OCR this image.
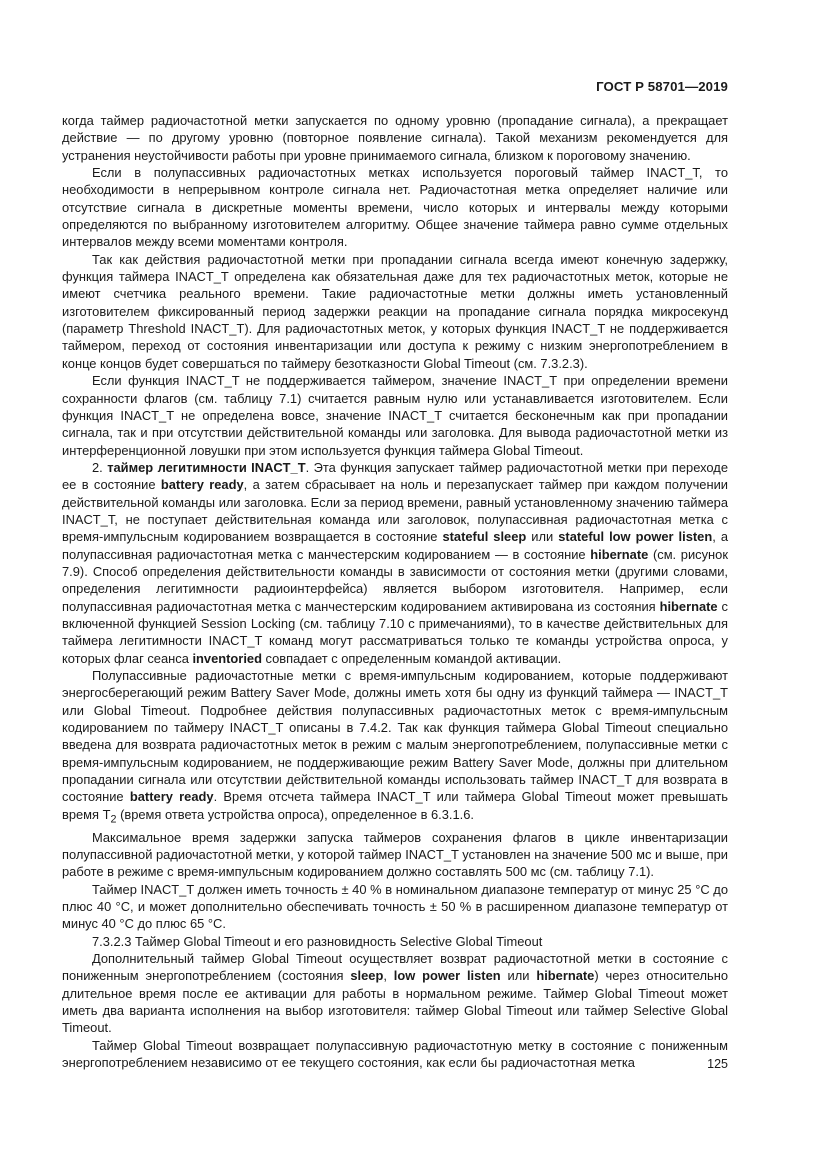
ГОСТ Р 58701—2019

когда таймер радиочастотной метки запускается по одному уровню (пропадание сигнала), а прекращает действие — по другому уровню (повторное появление сигнала). Такой механизм рекомендуется для устранения неустойчивости работы при уровне принимаемого сигнала, близком к пороговому значению.

Если в полупассивных радиочастотных метках используется пороговый таймер INACT_T, то необходимости в непрерывном контроле сигнала нет. Радиочастотная метка определяет наличие или отсутствие сигнала в дискретные моменты времени, число которых и интервалы между которыми определяются по выбранному изготовителем алгоритму. Общее значение таймера равно сумме отдельных интервалов между всеми моментами контроля.

Так как действия радиочастотной метки при пропадании сигнала всегда имеют конечную задержку, функция таймера INACT_T определена как обязательная даже для тех радиочастотных меток, которые не имеют счетчика реального времени. Такие радиочастотные метки должны иметь установленный изготовителем фиксированный период задержки реакции на пропадание сигнала порядка микросекунд (параметр Threshold INACT_T). Для радиочастотных меток, у которых функция INACT_T не поддерживается таймером, переход от состояния инвентаризации или доступа к режиму с низким энергопотреблением в конце концов будет совершаться по таймеру безотказности Global Timeout (см. 7.3.2.3).

Если функция INACT_T не поддерживается таймером, значение INACT_T при определении времени сохранности флагов (см. таблицу 7.1) считается равным нулю или устанавливается изготовителем. Если функция INACT_T не определена вовсе, значение INACT_T считается бесконечным как при пропадании сигнала, так и при отсутствии действительной команды или заголовка. Для вывода радиочастотной метки из интерференционной ловушки при этом используется функция таймера Global Timeout.

2. таймер легитимности INACT_T. Эта функция запускает таймер радиочастотной метки при переходе ее в состояние battery ready, а затем сбрасывает на ноль и перезапускает таймер при каждом получении действительной команды или заголовка. Если за период времени, равный установленному значению таймера INACT_T, не поступает действительная команда или заголовок, полупассивная радиочастотная метка с время-импульсным кодированием возвращается в состояние stateful sleep или stateful low power listen, а полупассивная радиочастотная метка с манчестерским кодированием — в состояние hibernate (см. рисунок 7.9). Способ определения действительности команды в зависимости от состояния метки (другими словами, определения легитимности радиоинтерфейса) является выбором изготовителя. Например, если полупассивная радиочастотная метка с манчестерским кодированием активирована из состояния hibernate с включенной функцией Session Locking (см. таблицу 7.10 с примечаниями), то в качестве действительных для таймера легитимности INACT_T команд могут рассматриваться только те команды устройства опроса, у которых флаг сеанса inventoried совпадает с определенным командой активации.

Полупассивные радиочастотные метки с время-импульсным кодированием, которые поддерживают энергосберегающий режим Battery Saver Mode, должны иметь хотя бы одну из функций таймера — INACT_T или Global Timeout. Подробнее действия полупассивных радиочастотных меток с время-импульсным кодированием по таймеру INACT_T описаны в 7.4.2. Так как функция таймера Global Timeout специально введена для возврата радиочастотных меток в режим с малым энергопотреблением, полупассивные метки с время-импульсным кодированием, не поддерживающие режим Battery Saver Mode, должны при длительном пропадании сигнала или отсутствии действительной команды использовать таймер INACT_T для возврата в состояние battery ready. Время отсчета таймера INACT_T или таймера Global Timeout может превышать время $T_2$ (время ответа устройства опроса), определенное в 6.3.1.6.

Максимальное время задержки запуска таймеров сохранения флагов в цикле инвентаризации полупассивной радиочастотной метки, у которой таймер INACT_T установлен на значение 500 мс и выше, при работе в режиме с время-импульсным кодированием должно составлять 500 мс (см. таблицу 7.1).

Таймер INACT_T должен иметь точность ± 40 % в номинальном диапазоне температур от минус 25 °С до плюс 40 °С, и может дополнительно обеспечивать точность ± 50 % в расширенном диапазоне температур от минус 40 °С до плюс 65 °С.

7.3.2.3 Таймер Global Timeout и его разновидность Selective Global Timeout

Дополнительный таймер Global Timeout осуществляет возврат радиочастотной метки в состояние с пониженным энергопотреблением (состояния sleep, low power listen или hibernate) через относительно длительное время после ее активации для работы в нормальном режиме. Таймер Global Timeout может иметь два варианта исполнения на выбор изготовителя: таймер Global Timeout или таймер Selective Global Timeout.

Таймер Global Timeout возвращает полупассивную радиочастотную метку в состояние с пониженным энергопотреблением независимо от ее текущего состояния, как если бы радиочастотная метка	125
